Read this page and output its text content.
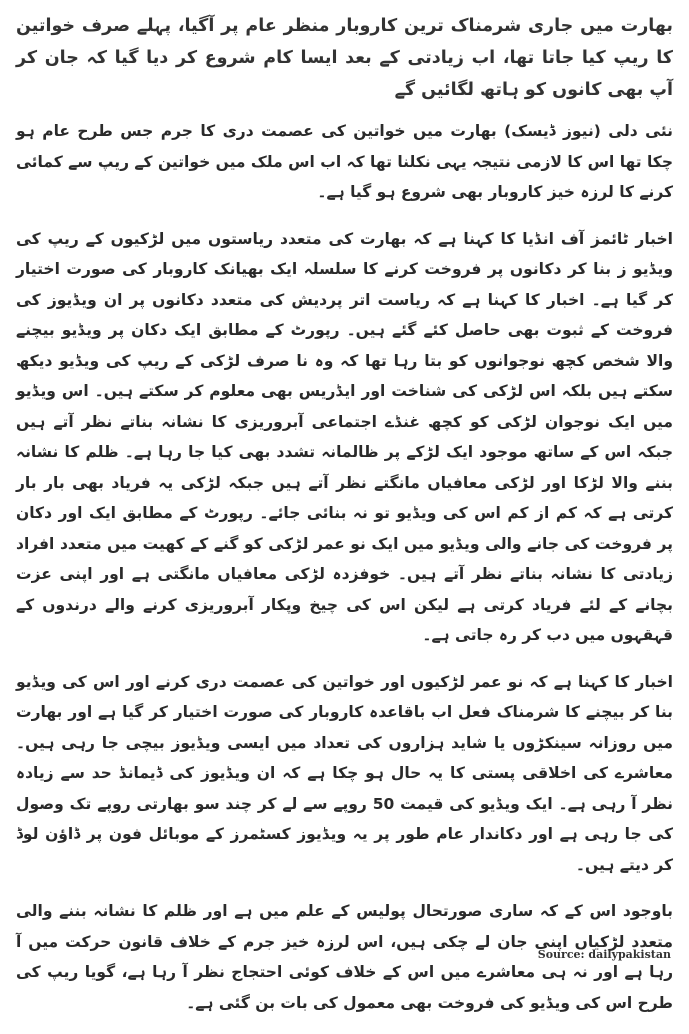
بھارت میں جاری شرمناک ترین کاروبار منظر عام پر آگیا، پہلے صرف خواتین کا ریپ کیا جاتا تھا، اب زیادتی کے بعد ایسا کام شروع کر دیا گیا کہ جان کر آپ بھی کانوں کو ہاتھ لگائیں گے

نئی دلی (نیوز ڈیسک) بھارت میں خواتین کی عصمت دری کا جرم جس طرح عام ہو چکا تھا اس کا لازمی نتیجہ یہی نکلنا تھا کہ اب اس ملک میں خواتین کے ریپ سے کمائی کرنے کا لرزہ خیز کاروبار بھی شروع ہو گیا ہے۔

اخبار ٹائمز آف انڈیا کا کہنا ہے کہ بھارت کی متعدد ریاستوں میں لڑکیوں کے ریپ کی ویڈیو ز بنا کر دکانوں پر فروخت کرنے کا سلسلہ ایک بھیانک کاروبار کی صورت اختیار کر گیا ہے۔ اخبار کا کہنا ہے کہ ریاست اتر پردیش کی متعدد دکانوں پر ان ویڈیوز کی فروخت کے ثبوت بھی حاصل کئے گئے ہیں۔ رپورٹ کے مطابق ایک دکان پر ویڈیو بیچنے والا شخص کچھ نوجوانوں کو بتا رہا تھا کہ وہ نا صرف لڑکی کے ریپ کی ویڈیو دیکھ سکتے ہیں بلکہ اس لڑکی کی شناخت اور ایڈریس بھی معلوم کر سکتے ہیں۔ اس ویڈیو میں ایک نوجوان لڑکی کو کچھ غنڈے اجتماعی آبروریزی کا نشانہ بناتے نظر آتے ہیں جبکہ اس کے ساتھ موجود ایک لڑکے پر ظالمانہ تشدد بھی کیا جا رہا ہے۔ ظلم کا نشانہ بننے والا لڑکا اور لڑکی معافیاں مانگتے نظر آتے ہیں جبکہ لڑکی یہ فریاد بھی بار بار کرتی ہے کہ کم از کم اس کی ویڈیو تو نہ بنائی جائے۔ رپورٹ کے مطابق ایک اور دکان پر فروخت کی جانے والی ویڈیو میں ایک نو عمر لڑکی کو گنے کے کھیت میں متعدد افراد زیادتی کا نشانہ بناتے نظر آتے ہیں۔ خوفزدہ لڑکی معافیاں مانگتی ہے اور اپنی عزت بچانے کے لئے فریاد کرتی ہے لیکن اس کی چیخ وپکار آبروریزی کرنے والے درندوں کے قہقہوں میں دب کر رہ جاتی ہے۔

اخبار کا کہنا ہے کہ نو عمر لڑکیوں اور خواتین کی عصمت دری کرنے اور اس کی ویڈیو بنا کر بیچنے کا شرمناک فعل اب باقاعدہ کاروبار کی صورت اختیار کر گیا ہے اور بھارت میں روزانہ سینکڑوں یا شاید ہزاروں کی تعداد میں ایسی ویڈیوز بیچی جا رہی ہیں۔ معاشرے کی اخلاقی پستی کا یہ حال ہو چکا ہے کہ ان ویڈیوز کی ڈیمانڈ حد سے زیادہ نظر آ رہی ہے۔ ایک ویڈیو کی قیمت 50 روپے سے لے کر چند سو بھارتی روپے تک وصول کی جا رہی ہے اور دکاندار عام طور پر یہ ویڈیوز کسٹمرز کے موبائل فون پر ڈاؤن لوڈ کر دیتے ہیں۔

باوجود اس کے کہ ساری صورتحال پولیس کے علم میں ہے اور ظلم کا نشانہ بننے والی متعدد لڑکیاں اپنی جان لے چکی ہیں، اس لرزہ خیز جرم کے خلاف قانون حرکت میں آ رہا ہے اور نہ ہی معاشرے میں اس کے خلاف کوئی احتجاج نظر آ رہا ہے، گویا ریپ کی طرح اس کی ویڈیو کی فروخت بھی معمول کی بات بن گئی ہے۔

Source: dailypakistan
